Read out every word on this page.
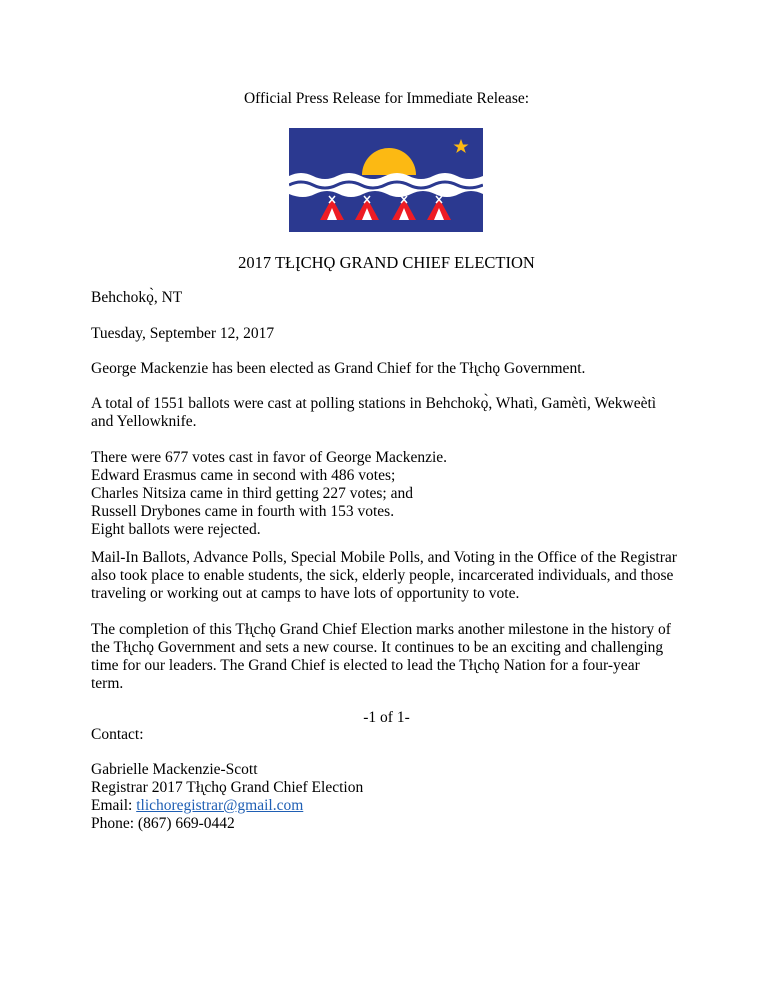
Official Press Release for Immediate Release:
2017 TŁĮCHǪ GRAND CHIEF ELECTION
Behchokǫ̀, NT
Tuesday, September 12, 2017
George Mackenzie has been elected as Grand Chief for the Tłı̨chǫ Government.
A total of 1551 ballots were cast at polling stations in Behchokǫ̀, Whatì, Gamètì, Wekweètì
and Yellowknife.
There were 677 votes cast in favor of George Mackenzie.
Edward Erasmus came in second with 486 votes;
Charles Nitsiza came in third getting 227 votes; and
Russell Drybones came in fourth with 153 votes.
Eight ballots were rejected.
Mail-In Ballots, Advance Polls, Special Mobile Polls, and Voting in the Office of the Registrar
also took place to enable students, the sick, elderly people, incarcerated individuals, and those
traveling or working out at camps to have lots of opportunity to vote.
The completion of this Tłı̨chǫ Grand Chief Election marks another milestone in the history of
the Tłı̨chǫ Government and sets a new course. It continues to be an exciting and challenging
time for our leaders. The Grand Chief is elected to lead the Tłı̨chǫ Nation for a four-year
term.
-1 of 1-
Contact:
Gabrielle Mackenzie-Scott
Registrar 2017 Tłı̨chǫ Grand Chief Election
Email: tlichoregistrar@gmail.com
Phone: (867) 669-0442
